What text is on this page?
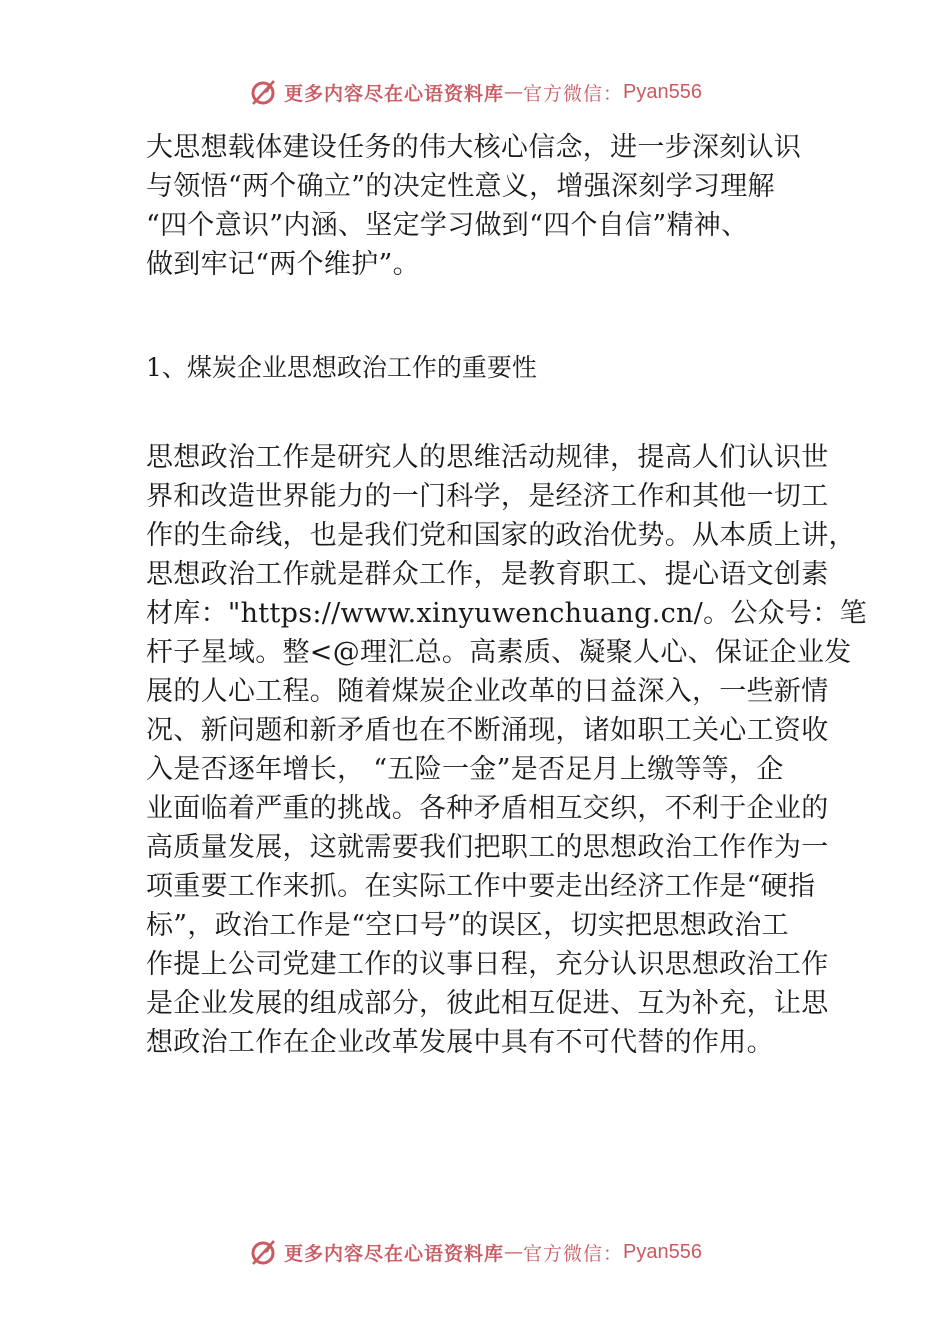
更多内容尽在心语资料库 — 官方微信： Pyan556
大思想载体建设任务的伟大核心信念，进一步深刻认识
与领悟“两个确立”的决定性意义，增强深刻学习理解
“四个意识”内涵、坚定学习做到“四个自信”精神、
做到牢记“两个维护”。
1、煤炭企业思想政治工作的重要性
思想政治工作是研究人的思维活动规律，提高人们认识世
界和改造世界能力的一门科学，是经济工作和其他一切工
作的生命线，也是我们党和国家的政治优势。从本质上讲，
思想政治工作就是群众工作，是教育职工、提心语文创素
材库："https://www.xinyuwenchuang.cn/。公众号：笔
杆子星域。整<@理汇总。高素质、凝聚人心、保证企业发
展的人心工程。随着煤炭企业改革的日益深入，一些新情
况、新问题和新矛盾也在不断涌现，诸如职工关心工资收
入是否逐年增长， “五险一金”是否足月上缴等等，企
业面临着严重的挑战。各种矛盾相互交织，不利于企业的
高质量发展，这就需要我们把职工的思想政治工作作为一
项重要工作来抓。在实际工作中要走出经济工作是“硬指
标”，政治工作是“空口号”的误区，切实把思想政治工
作提上公司党建工作的议事日程，充分认识思想政治工作
是企业发展的组成部分，彼此相互促进、互为补充，让思
想政治工作在企业改革发展中具有不可代替的作用。
更多内容尽在心语资料库 — 官方微信： Pyan556
